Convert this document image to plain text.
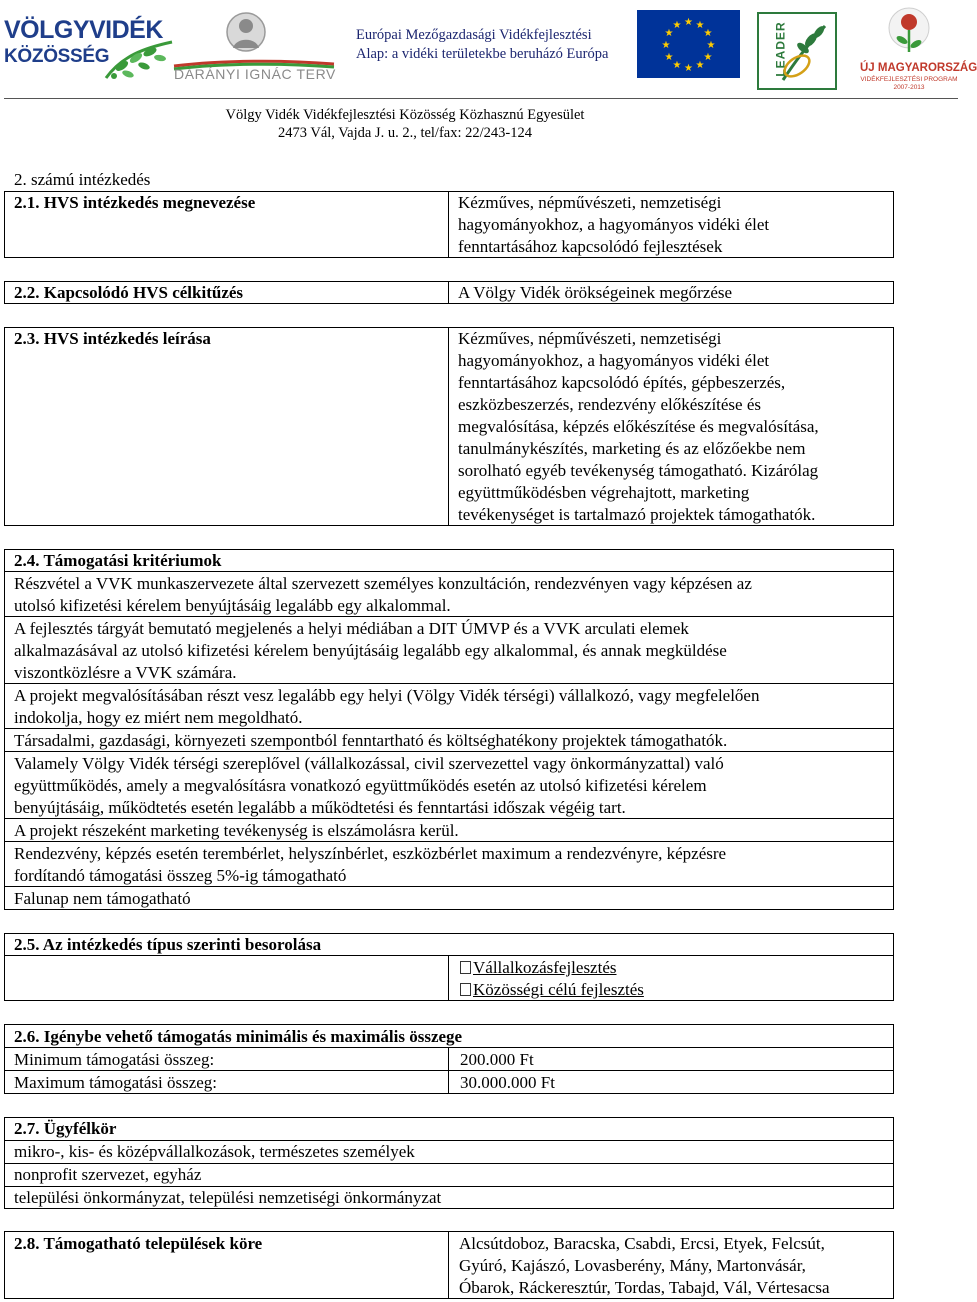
VÖLGYVIDÉK
KÖZÖSSÉG
DARÁNYI IGNÁC TERV
Európai Mezőgazdasági Vidékfejlesztési
Alap: a vidéki területekbe beruházó Európa
★ ★
★
★
★
★
★
★
★
★
★
★	LEADER	ÚJ MAGYARORSZÁG
VIDÉKFEJLESZTÉSI PROGRAM 2007-2013
Völgy Vidék Vidékfejlesztési Közösség Közhasznú Egyesület
2473 Vál, Vajda J. u. 2., tel/fax: 22/243-124
2. számú intézkedés
2.1. HVS intézkedés megnevezése	Kézműves, népművészeti, nemzetiségi
hagyományokhoz, a hagyományos vidéki élet
fenntartásához kapcsolódó fejlesztések
2.2. Kapcsolódó HVS célkitűzés	A Völgy Vidék örökségeinek megőrzése
2.3. HVS intézkedés leírása	Kézműves, népművészeti, nemzetiségi
hagyományokhoz, a hagyományos vidéki élet
fenntartásához kapcsolódó építés, gépbeszerzés,
eszközbeszerzés, rendezvény előkészítése és
megvalósítása, képzés előkészítése és megvalósítása,
tanulmánykészítés, marketing és az előzőekbe nem
sorolható egyéb tevékenység támogatható. Kizárólag
együttműködésben végrehajtott, marketing
tevékenységet is tartalmazó projektek támogathatók.
2.4. Támogatási kritériumok
Részvétel a VVK munkaszervezete által szervezett személyes konzultáción, rendezvényen vagy képzésen az
utolsó kifizetési kérelem benyújtásáig legalább egy alkalommal.
A fejlesztés tárgyát bemutató megjelenés a helyi médiában a DIT ÚMVP és a VVK arculati elemek
alkalmazásával az utolsó kifizetési kérelem benyújtásáig legalább egy alkalommal, és annak megküldése
viszontközlésre a VVK számára.
A projekt megvalósításában részt vesz legalább egy helyi (Völgy Vidék térségi) vállalkozó, vagy megfelelően
indokolja, hogy ez miért nem megoldható.
Társadalmi, gazdasági, környezeti szempontból fenntartható és költséghatékony projektek támogathatók.
Valamely Völgy Vidék térségi szereplővel (vállalkozással, civil szervezettel vagy önkormányzattal) való
együttműködés, amely a megvalósításra vonatkozó együttműködés esetén az utolsó kifizetési kérelem
benyújtásáig, működtetés esetén legalább a működtetési és fenntartási időszak végéig tart.
A projekt részeként marketing tevékenység is elszámolásra kerül.
Rendezvény, képzés esetén terembérlet, helyszínbérlet, eszközbérlet maximum a rendezvényre, képzésre
fordítandó támogatási összeg 5%-ig támogatható
Falunap nem támogatható
2.5. Az intézkedés típus szerinti besorolása
Vállalkozásfejlesztés
Közösségi célú fejlesztés
2.6. Igénybe vehető támogatás minimális és maximális összege
Minimum támogatási összeg:	200.000 Ft
Maximum támogatási összeg:	30.000.000 Ft
2.7. Ügyfélkör
mikro-, kis- és középvállalkozások, természetes személyek
nonprofit szervezet, egyház
települési önkormányzat, települési nemzetiségi önkormányzat
2.8. Támogatható települések köre	Alcsútdoboz, Baracska, Csabdi, Ercsi, Etyek, Felcsút,
Gyúró, Kajászó, Lovasberény, Mány, Martonvásár,
Óbarok, Ráckeresztúr, Tordas, Tabajd, Vál, Vértesacsa
